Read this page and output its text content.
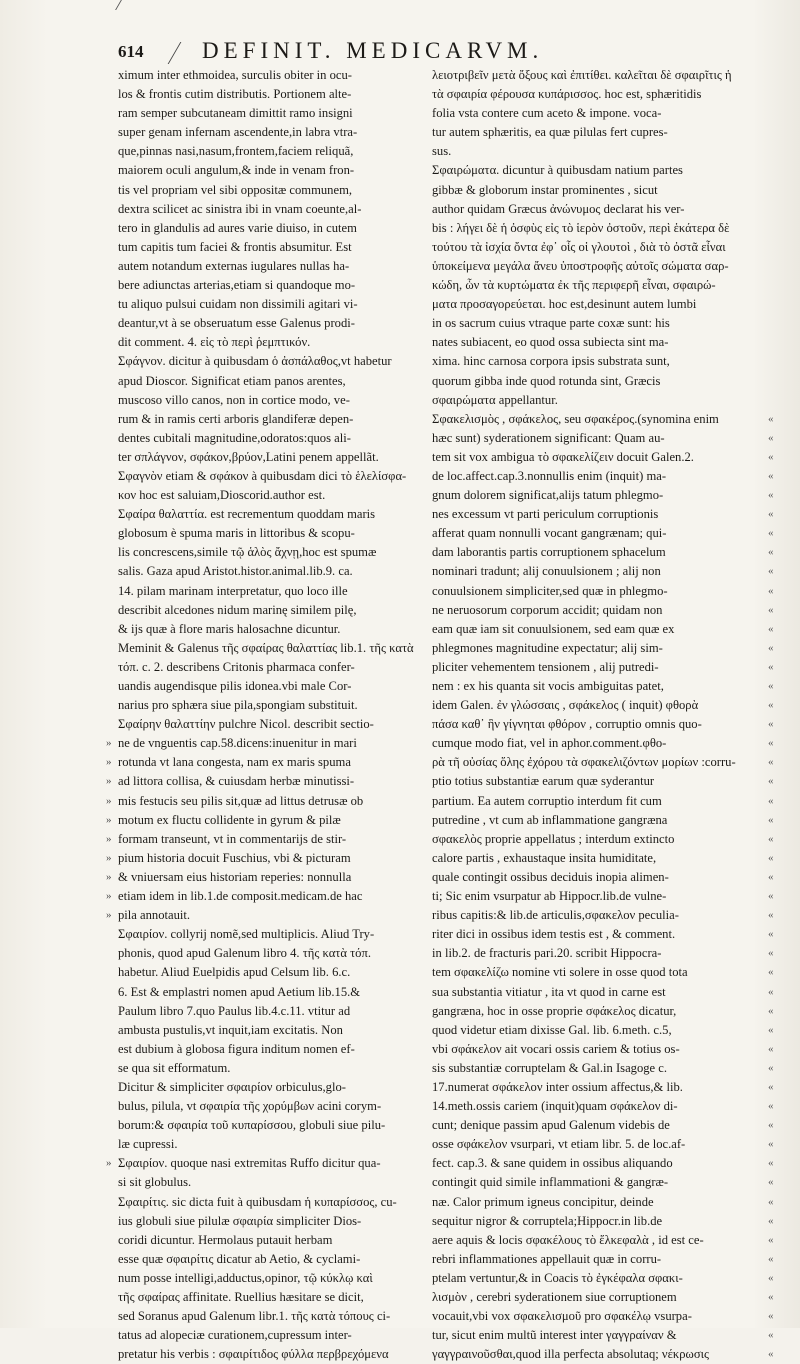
614	DEFINIT. MEDICARVM.
ximum inter ethmoidea, surculis obiter in ocu-
los & frontis cutim distributis. Portionem alte-
ram semper subcutaneam dimittit ramo insigni
super genam infernam ascendente,in labra vtra-
que,pinnas nasi,nasum,frontem,faciem reliquã,
maiorem oculi angulum,& inde in venam fron-
tis vel propriam vel sibi oppositæ communem,
dextra scilicet ac sinistra ibi in vnam coeunte,al-
tero in glandulis ad aures varie diuiso, in cutem
tum capitis tum faciei & frontis absumitur. Est
autem notandum externas iugulares nullas ha-
bere adiunctas arterias,etiam si quandoque mo-
tu aliquo pulsui cuidam non dissimili agitari vi-
deantur,vt à se obseruatum esse Galenus prodi-
dit comment. 4. εἰς τὸ περὶ ῥεμπτικόν.
Σφάγνον. dicitur à quibusdam ὁ ἀσπάλαθος,vt habetur
apud Dioscor. Significat etiam panos arentes,
muscoso villo canos, non in cortice modo, ve-
rum & in ramis certi arboris glandiferæ depen-
dentes cubitali magnitudine,odoratos:quos ali-
ter σπλάγνον, σφάκον,βρύον,Latini penem appellãt.
Σφαγνὸν etiam & σφάκον à quibusdam dici τὸ ἑλελίσφα-
κον hoc est saluiam,Dioscorid.author est.
Σφαίρα θαλαττία. est recrementum quoddam maris
globosum è spuma maris in littoribus & scopu-
lis concrescens,simile τῷ ἁλὸς ἄχνῃ,hoc est spumæ
salis. Gaza apud Aristot.histor.animal.lib.9. ca.
14. pilam marinam interpretatur, quo loco ille
describit alcedones nidum marinę similem pilę,
& ijs quæ à flore maris halosachne dicuntur.
Meminit & Galenus τῆς σφαίρας θαλαττίας lib.1. τῆς κατὰ
τόπ. c. 2. describens Critonis pharmaca confer-
uandis augendisque pilis idonea.vbi male Cor-
narius pro sphæra siue pila,spongiam substituit.
Σφαίρην θαλαττίην pulchre Nicol. describit sectio-
» ne de vnguentis cap.58.dicens:inuenitur in mari
» rotunda vt lana congesta, nam ex maris spuma
» ad littora collisa, & cuiusdam herbæ minutissi-
» mis festucis seu pilis sit,quæ ad littus detrusæ ob
» motum ex fluctu collidente in gyrum & pilæ
» formam transeunt, vt in commentarijs de stir-
» pium historia docuit Fuschius, vbi & picturam
» & vniuersam eius historiam reperies: nonnulla
» etiam idem in lib.1.de composit.medicam.de hac
» pila annotauit.
Σφαιρίον. collyrij nomẽ,sed multiplicis. Aliud Try-
phonis, quod apud Galenum libro 4. τῆς κατὰ τόπ.
habetur. Aliud Euelpidis apud Celsum lib. 6.c.
6. Est & emplastri nomen apud Aetium lib.15.&
Paulum libro 7.quo Paulus lib.4.c.11. vtitur ad
ambusta pustulis,vt inquit,iam excitatis. Non
est dubium à globosa figura inditum nomen ef-
se qua sit efformatum.
Dicitur & simpliciter σφαιρίον orbiculus,glo-
bulus, pilula, vt σφαιρία τῆς χορύμβων acini corym-
borum:& σφαιρία τοῦ κυπαρίσσου, globuli siue pilu-
læ cupressi.
» Σφαιρίον. quoque nasi extremitas Ruffo dicitur qua-
si sit globulus.
Σφαιρίτις. sic dicta fuit à quibusdam ἡ κυπαρίσσος, cu-
ius globuli siue pilulæ σφαιρία simpliciter Dios-
coridi dicuntur. Hermolaus putauit herbam
esse quæ σφαιρίτις dicatur ab Aetio, & cyclami-
num posse intelligi,adductus,opinor, τῷ κύκλῳ καὶ
τῆς σφαίρας affinitate. Ruellius hæsitare se dicit,
sed Soranus apud Galenum libr.1. τῆς κατὰ τόπους ci-
tatus ad alopeciæ curationem,cupressum inter-
pretatur his verbis : σφαιρίτιδος φύλλα περβρεχόμενα
λειοτριβεῖν μετὰ ὄξους καὶ ἐπιτίθει. καλεῖται δὲ σφαιρῖτις ἡ
τὰ σφαιρία φέρουσα κυπάρισσος. hoc est, sphæritidis
folia vsta contere cum aceto & impone. voca-
tur autem sphæritis, ea quæ pilulas fert cupres-
sus.
Σφαιρώματα. dicuntur à quibusdam natium partes
gibbæ & globorum instar prominentes , sicut
author quidam Græcus ἀνώνυμος declarat his ver-
bis : λήγει δὲ ἡ ὀσφὺς εἰς τὸ ἱερὸν ὀστοῦν, περὶ ἑκάτερα δὲ
τούτου τὰ ἰσχία ὄντα ἐφ᾽ οἷς οἱ γλουτοὶ , διὰ τὸ ὀστᾶ εἶναι
ὑποκείμενα μεγάλα ἄνευ ὑποστροφῆς αὐτοῖς σώματα σαρ-
κώδη, ὧν τὰ κυρτώματα ἐκ τῆς περιφερῆ εἶναι, σφαιρώ-
ματα προσαγορεύεται. hoc est,desinunt autem lumbi
in os sacrum cuius vtraque parte coxæ sunt: his
nates subiacent, eo quod ossa subiecta sint ma-
xima. hinc carnosa corpora ipsis substrata sunt,
quorum gibba inde quod rotunda sint, Græcis
σφαιρώματα appellantur.
Σφακελισμὸς , σφάκελος, seu σφακέρος.(synomina enim
hæc sunt) syderationem significant: Quam au-
tem sit vox ambigua τὸ σφακελίζειν docuit Galen.2.
de loc.affect.cap.3.nonnullis enim (inquit) ma-
gnum dolorem significat,alijs tatum phlegmo-
nes excessum vt parti periculum corruptionis
afferat quam nonnulli vocant gangrænam; qui-
dam laborantis partis corruptionem sphacelum
nominari tradunt; alij conuulsionem ; alij non
conuulsionem simpliciter,sed quæ in phlegmo-
ne neruosorum corporum accidit; quidam non
eam quæ iam sit conuulsionem, sed eam quæ ex
phlegmones magnitudine expectatur; alij sim-
pliciter vehementem tensionem , alij putredi-
nem : ex his quanta sit vocis ambiguitas patet,
idem Galen. ἐν γλώσσαις , σφάκελος ( inquit) φθορὰ
πάσα καθ᾽ ἣν γίγνηται φθόρον , corruptio omnis quo-
cumque modo fiat, vel in aphor.comment.φθο-
ρὰ τῆ οὐσίας ὅλης ἐχόρου τὰ σφακελιζόντων μορίων :corru-
ptio totius substantiæ earum quæ syderantur
partium. Ea autem corruptio interdum fit cum
putredine , vt cum ab inflammatione gangræna
σφακελὸς proprie appellatus ; interdum extincto
calore partis , exhaustaque insita humiditate,
quale contingit ossibus deciduis inopia alimen-
ti; Sic enim vsurpatur ab Hippocr.lib.de vulne-
ribus capitis:& lib.de articulis,σφακελον peculia-
riter dici in ossibus idem testis est , & comment.
in lib.2. de fracturis pari.20. scribit Hippocra-
tem σφακελίζω nomine vti solere in osse quod tota
sua substantia vitiatur , ita vt quod in carne est
gangræna, hoc in osse proprie σφάκελος dicatur,
quod videtur etiam dixisse Gal. lib. 6.meth. c.5,
vbi σφάκελον ait vocari ossis cariem & totius os-
sis substantiæ corruptelam & Gal.in Isagoge c.
17.numerat σφάκελον inter ossium affectus,& lib.
14.meth.ossis cariem (inquit)quam σφάκελον di-
cunt; denique passim apud Galenum videbis de
osse σφάκελον vsurpari, vt etiam libr. 5. de loc.af-
fect. cap.3. & sane quidem in ossibus aliquando
contingit quid simile inflammationi & gangræ-
næ. Calor primum igneus concipitur, deinde
sequitur nigror & corruptela;Hippocr.in lib.de
aere aquis & locis σφακέλους τὸ ἕλκεφαλὰ , id est ce-
rebri inflammationes appellauit quæ in corru-
ptelam vertuntur,& in Coacis τὸ ἐγκέφαλα σφακι-
λισμὸν , cerebri syderationem siue corruptionem
vocauit,vbi vox σφακελισμοῦ pro σφακέλῳ vsurpa-
tur, sicut enim multũ interest inter γαγγραίναν &
γαγγραινοῦσθαι,quod illa perfecta absolutaq; νέκρωσις
«
«
«
«
«
«
«
«
«
«
«
«
«
«
«
«
«
«
«
«
«
«
«
«
«
«
«
«
«
«
«
«
«
«
«
«
«
«
«
«
«
«
«
«
«
«
«
«
«
«
